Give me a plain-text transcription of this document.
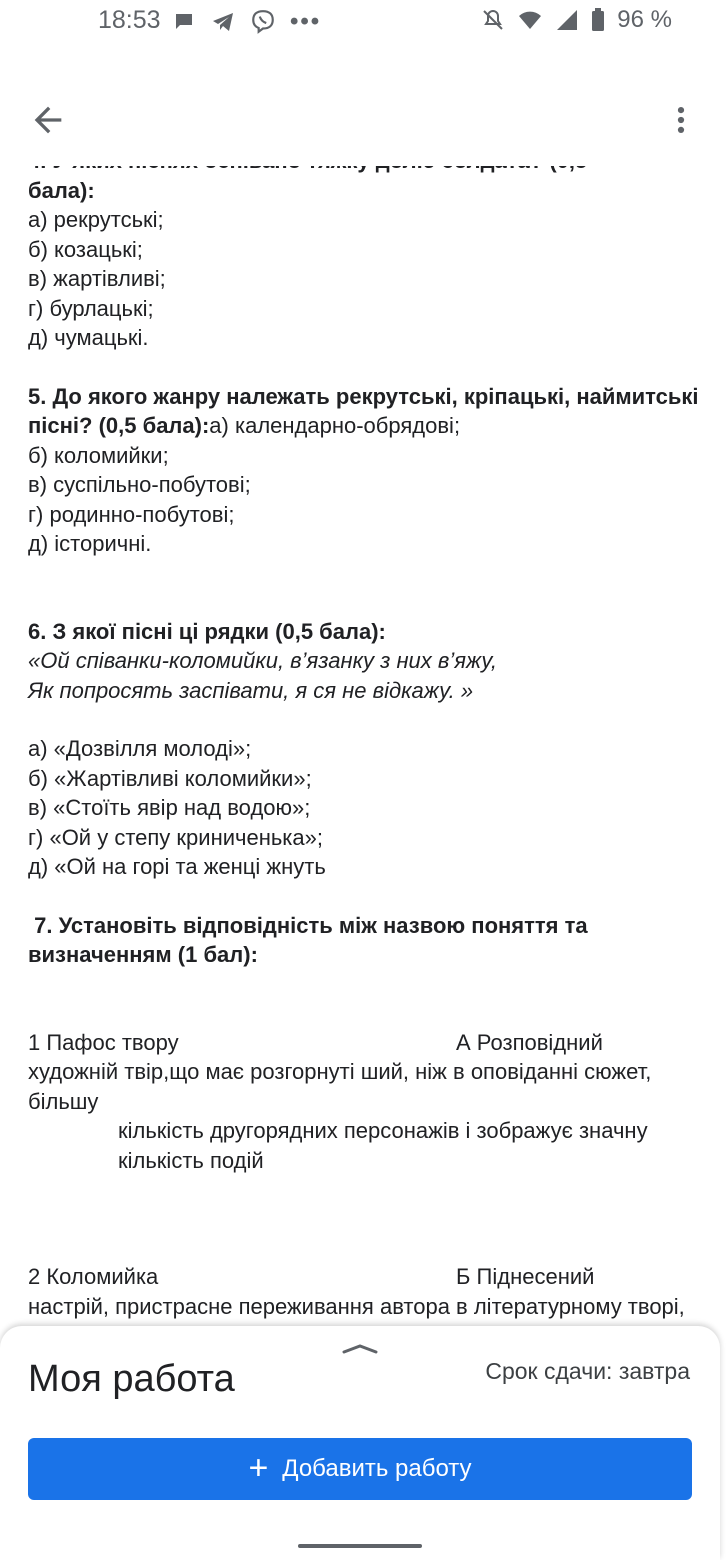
18:53	•••	96 %

бала):

а) рекрутські;

б) козацькі;

в) жартівливі;

г) бурлацькі;

д) чумацькі.

5. До якого жанру належать рекрутські, кріпацькі, наймитські пісні? (0,5 бала):а) календарно-обрядові;

б) коломийки;

в) суспільно-побутові;

г) родинно-побутові;

д) історичні.

6. З якої пісні ці рядки (0,5 бала):

«Ой співанки-коломийки, в’язанку з них в’яжу,

Як попросять заспівати, я ся не відкажу. »

а) «Дозвілля молоді»;

б) «Жартівливі коломийки»;

в) «Стоїть явір над водою»;

г) «Ой у степу криниченька»;

д) «Ой на горі та женці жнуть

7. Установіть відповідність між назвою поняття та визначенням (1 бал):

1 Пафос твору	А Розповідний

художній твір,що має розгорнуті ший, ніж в оповіданні сюжет, більшу

кількість другорядних персонажів і зображує значну кількість подій

2 Коломийка	Б Піднесений

настрій, пристрасне переживання автора в літературному творі,

Моя работа	Срок сдачи: завтра
+ Добавить работу
